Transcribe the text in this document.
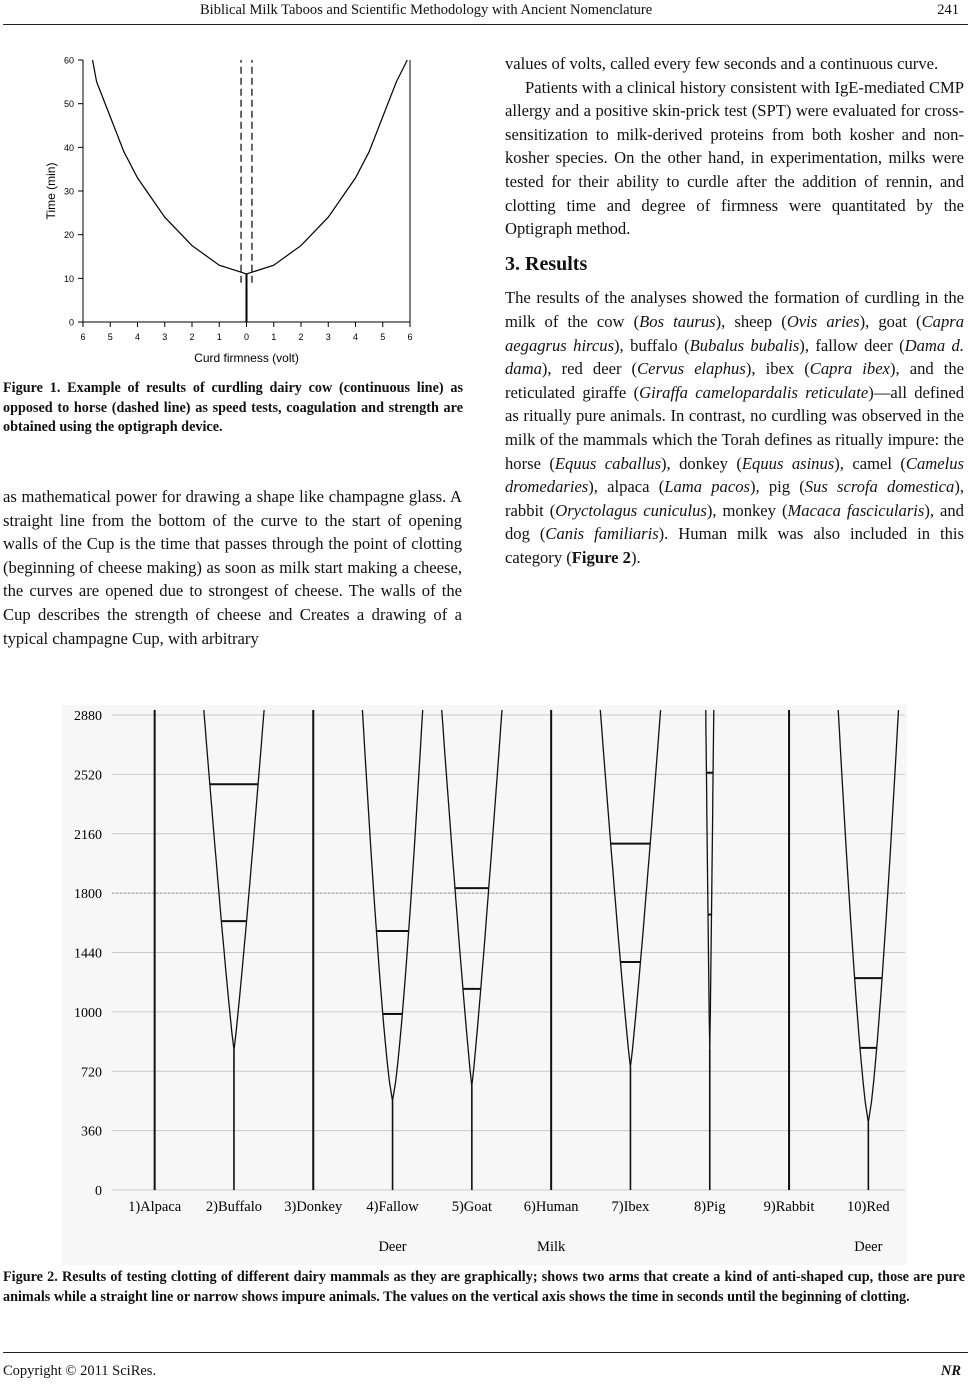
Biblical Milk Taboos and Scientific Methodology with Ancient Nomenclature	241
0
10
20
30
40
50
60
6 5 4 3 2 1 0 1 2 3 4 5 6
Curd firmness (volt)
Time (min)
Figure 1. Example of results of curdling dairy cow (continuous line) as opposed to horse (dashed line) as speed tests, coagulation and strength are obtained using the optigraph device.

as mathematical power for drawing a shape like champagne glass. A straight line from the bottom of the curve to the start of opening walls of the Cup is the time that passes through the point of clotting (beginning of cheese making) as soon as milk start making a cheese, the curves are opened due to strongest of cheese. The walls of the Cup describes the strength of cheese and Creates a drawing of a typical champagne Cup, with arbitrary

values of volts, called every few seconds and a continuous curve.

Patients with a clinical history consistent with IgE-mediated CMP allergy and a positive skin-prick test (SPT) were evaluated for cross-sensitization to milk-derived proteins from both kosher and non-kosher species. On the other hand, in experimentation, milks were tested for their ability to curdle after the addition of rennin, and clotting time and degree of firmness were quantitated by the Optigraph method.

3. Results

The results of the analyses showed the formation of curdling in the milk of the cow (Bos taurus), sheep (Ovis aries), goat (Capra aegagrus hircus), buffalo (Bubalus bubalis), fallow deer (Dama d. dama), red deer (Cervus elaphus), ibex (Capra ibex), and the reticulated giraffe (Giraffa camelopardalis reticulate)—all defined as ritually pure animals. In contrast, no curdling was observed in the milk of the mammals which the Torah defines as ritually impure: the horse (Equus caballus), donkey (Equus asinus), camel (Camelus dromedaries), alpaca (Lama pacos), pig (Sus scrofa domestica), rabbit (Oryctolagus cuniculus), monkey (Macaca fascicularis), and dog (Canis familiaris). Human milk was also included in this category (Figure 2).

0
360
720
1000
1440
1800
2160
2520
2880
1)Alpaca 2)Buffalo 3)Donkey 4)Fallow
Deer
5)Goat 6)Human
Milk
7)Ibex	8)Pig	9)Rabbit 10)Red
Deer
Figure 2. Results of testing clotting of different dairy mammals as they are graphically; shows two arms that create a kind of anti-shaped cup, those are pure animals while a straight line or narrow shows impure animals. The values on the vertical axis shows the time in seconds until the beginning of clotting.
Copyright © 2011 SciRes.	NR
